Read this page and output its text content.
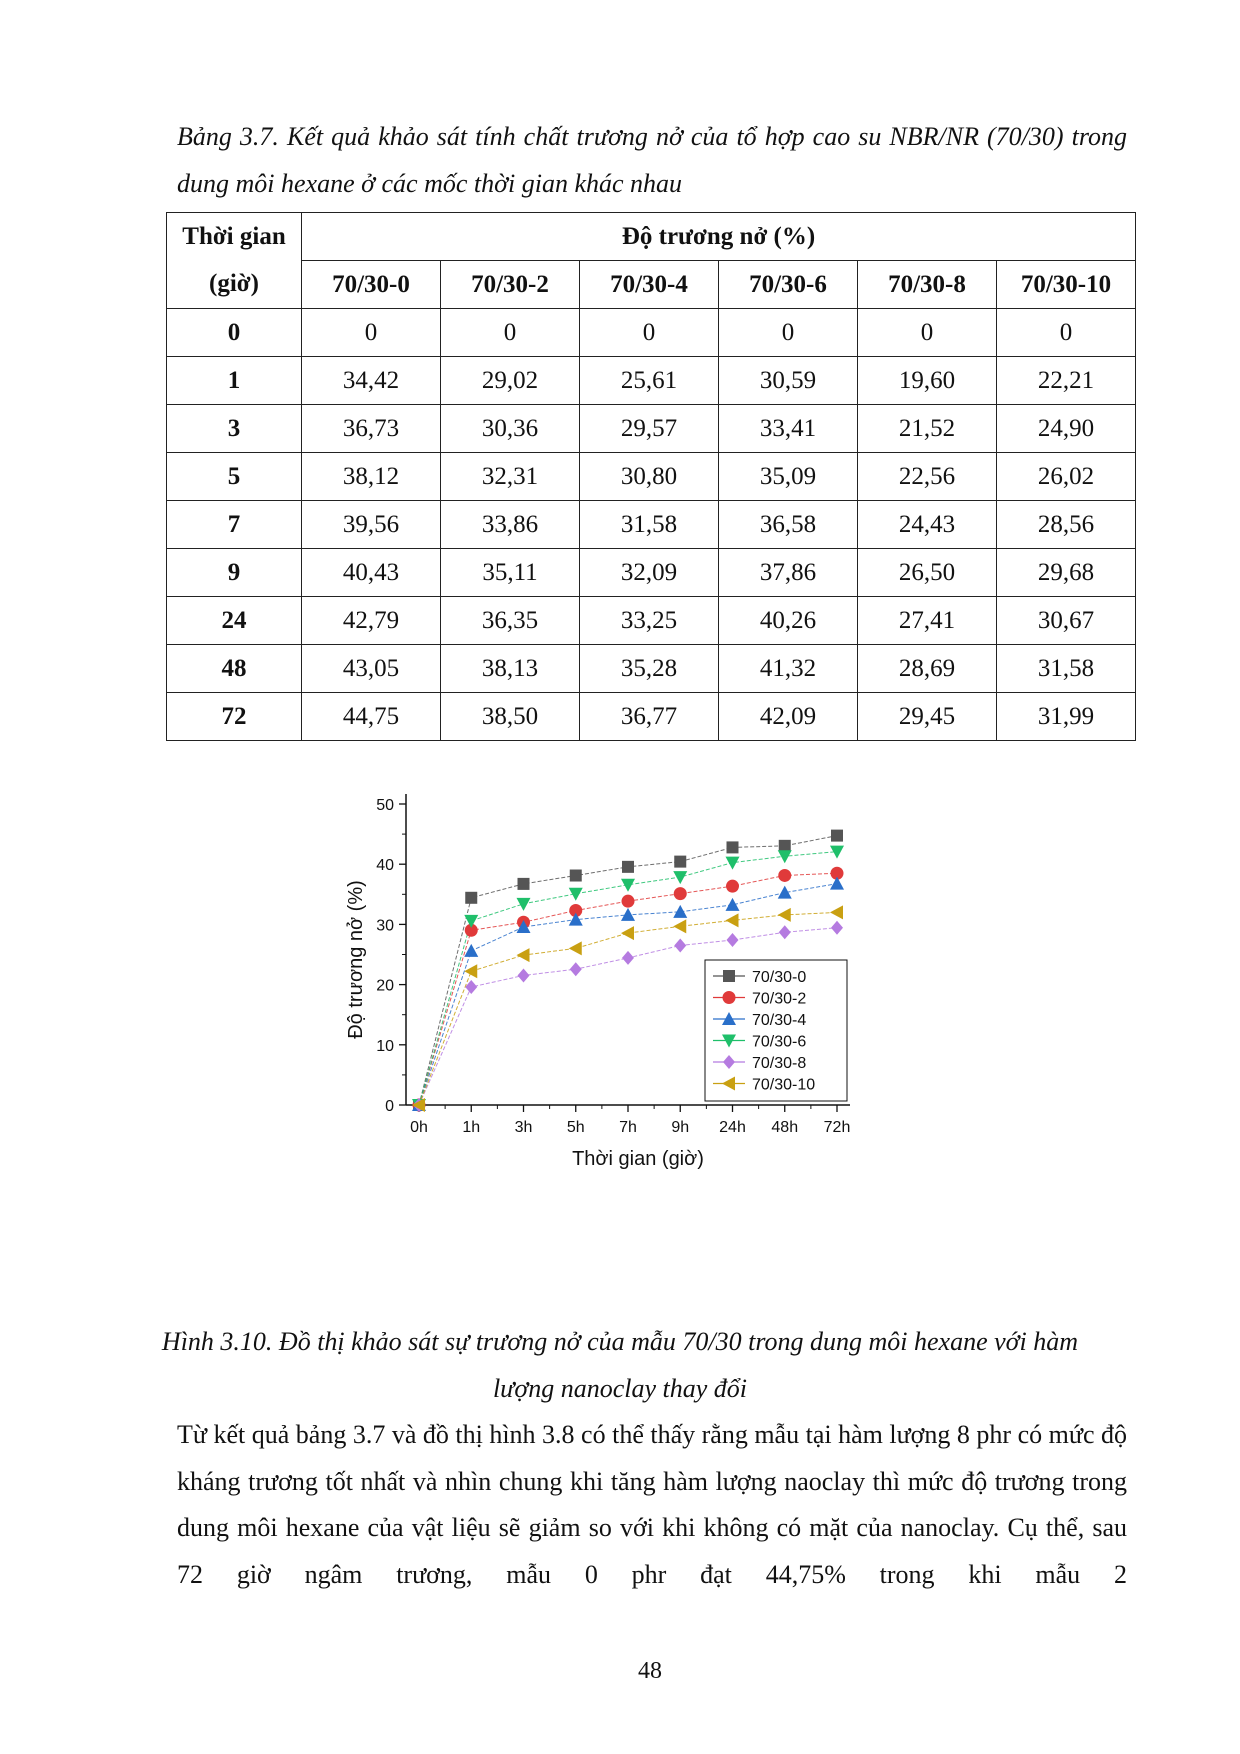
Bảng 3.7. Kết quả khảo sát tính chất trương nở của tổ hợp cao su NBR/NR (70/30) trong dung môi hexane ở các mốc thời gian khác nhau

Thời gian	Độ trương nở (%)					
(giờ)	70/30-0	70/30-2	70/30-4	70/30-6	70/30-8	70/30-10
0	0	0	0	0	0	0
1	34,42	29,02	25,61	30,59	19,60	22,21
3	36,73	30,36	29,57	33,41	21,52	24,90
5	38,12	32,31	30,80	35,09	22,56	26,02
7	39,56	33,86	31,58	36,58	24,43	28,56
9	40,43	35,11	32,09	37,86	26,50	29,68
24	42,79	36,35	33,25	40,26	27,41	30,67
48	43,05	38,13	35,28	41,32	28,69	31,58
72	44,75	38,50	36,77	42,09	29,45	31,99
0
10
20
30
40
50
0h 1h 3h 5h 7h 9h 24h 48h 72h
Thời gian (giờ)
Độ trương nở (%)	70/30-0
70/30-2
70/30-4
70/30-6
70/30-8
70/30-10

Hình 3.10. Đồ thị khảo sát sự trương nở của mẫu 70/30 trong dung môi hexane với hàm lượng nanoclay thay đổi

Từ kết quả bảng 3.7 và đồ thị hình 3.8 có thể thấy rằng mẫu tại hàm lượng 8 phr có mức độ kháng trương tốt nhất và nhìn chung khi tăng hàm lượng naoclay thì mức độ trương trong dung môi hexane của vật liệu sẽ giảm so với khi không có mặt của nanoclay. Cụ thể, sau 72 giờ ngâm trương, mẫu 0 phr đạt 44,75% trong khi mẫu 2

48
